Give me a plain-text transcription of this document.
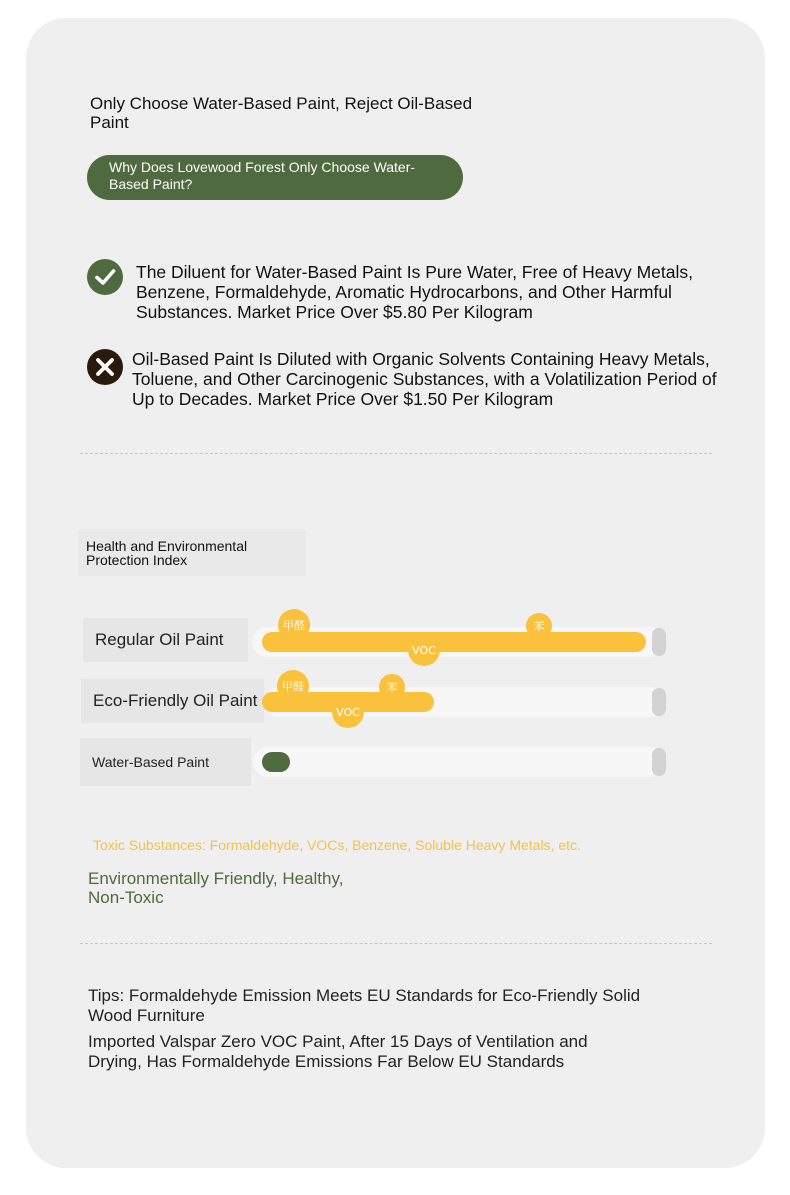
Only Choose Water-Based Paint, Reject Oil-Based Paint
Why Does Lovewood Forest Only Choose Water-Based Paint?
The Diluent for Water-Based Paint Is Pure Water, Free of Heavy Metals, Benzene, Formaldehyde, Aromatic Hydrocarbons, and Other Harmful Substances. Market Price Over $5.80 Per Kilogram
Oil-Based Paint Is Diluted with Organic Solvents Containing Heavy Metals, Toluene, and Other Carcinogenic Substances, with a Volatilization Period of Up to Decades. Market Price Over $1.50 Per Kilogram
Health and Environmental Protection Index
Regular Oil Paint
甲醛	苯
VOC
Eco-Friendly Oil Paint
甲醛	苯
VOC
Water-Based Paint
Toxic Substances: Formaldehyde, VOCs, Benzene, Soluble Heavy Metals, etc.
Environmentally Friendly, Healthy, Non-Toxic
Tips: Formaldehyde Emission Meets EU Standards for Eco-Friendly Solid Wood Furniture
Imported Valspar Zero VOC Paint, After 15 Days of Ventilation and Drying, Has Formaldehyde Emissions Far Below EU Standards
